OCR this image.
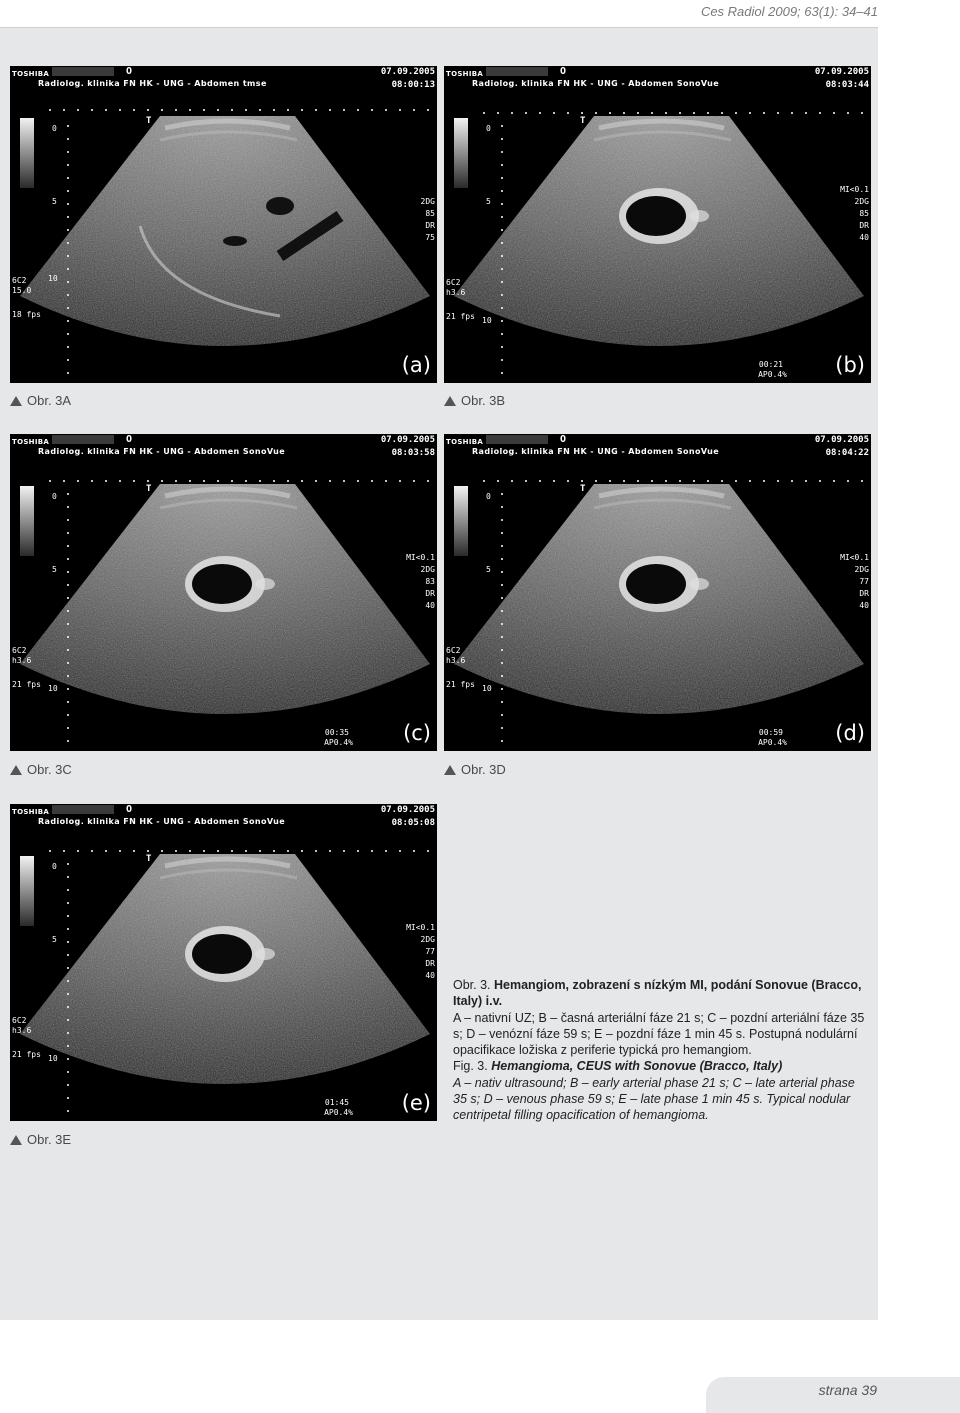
Ces Radiol 2009; 63(1): 34–41
TOSHIBA	O	07.09.2005
Radiolog. klinika FN HK - UNG - Abdomen tmse	08:00:13
T
0
5
10
6C2
15.0
18 fps
2DG
85
DR
75
(a)
Obr. 3A
TOSHIBA	O	07.09.2005
Radiolog. klinika FN HK - UNG - Abdomen SonoVue	08:03:44
T
0
5
10
6C2
h3.6
21 fps
MI<0.1
2DG
85
DR
40
00:21
AP0.4% (b)
Obr. 3B
TOSHIBA	O	07.09.2005
Radiolog. klinika FN HK - UNG - Abdomen SonoVue	08:03:58
T
0
5
10
6C2
h3.6
21 fps
MI<0.1
2DG
83
DR
40
00:35
AP0.4% (c)
Obr. 3C
TOSHIBA	O	07.09.2005
Radiolog. klinika FN HK - UNG - Abdomen SonoVue	08:04:22
T
0
5
10
6C2
h3.6
21 fps
MI<0.1
2DG
77
DR
40
00:59
AP0.4% (d)
Obr. 3D
TOSHIBA	O	07.09.2005
Radiolog. klinika FN HK - UNG - Abdomen SonoVue	08:05:08
T
0
5
10
6C2
h3.6
21 fps
MI<0.1
2DG
77
DR
40
01:45
AP0.4% (e)
Obr. 3E

Obr. 3. Hemangiom, zobrazení s nízkým MI, podání Sonovue (Bracco, Italy) i.v.

A – nativní UZ; B – časná arteriální fáze 21 s; C – pozdní arteriální fáze 35 s; D – venózní fáze 59 s; E – pozdní fáze 1 min 45 s. Postupná nodulární opacifikace ložiska z periferie typická pro hemangiom.

Fig. 3. Hemangioma, CEUS with Sonovue (Bracco, Italy)

A – nativ ultrasound; B – early arterial phase 21 s; C – late arterial phase 35 s; D – venous phase 59 s; E – late phase 1 min 45 s. Typical nodular centripetal filling opacification of hemangioma.

strana 39
